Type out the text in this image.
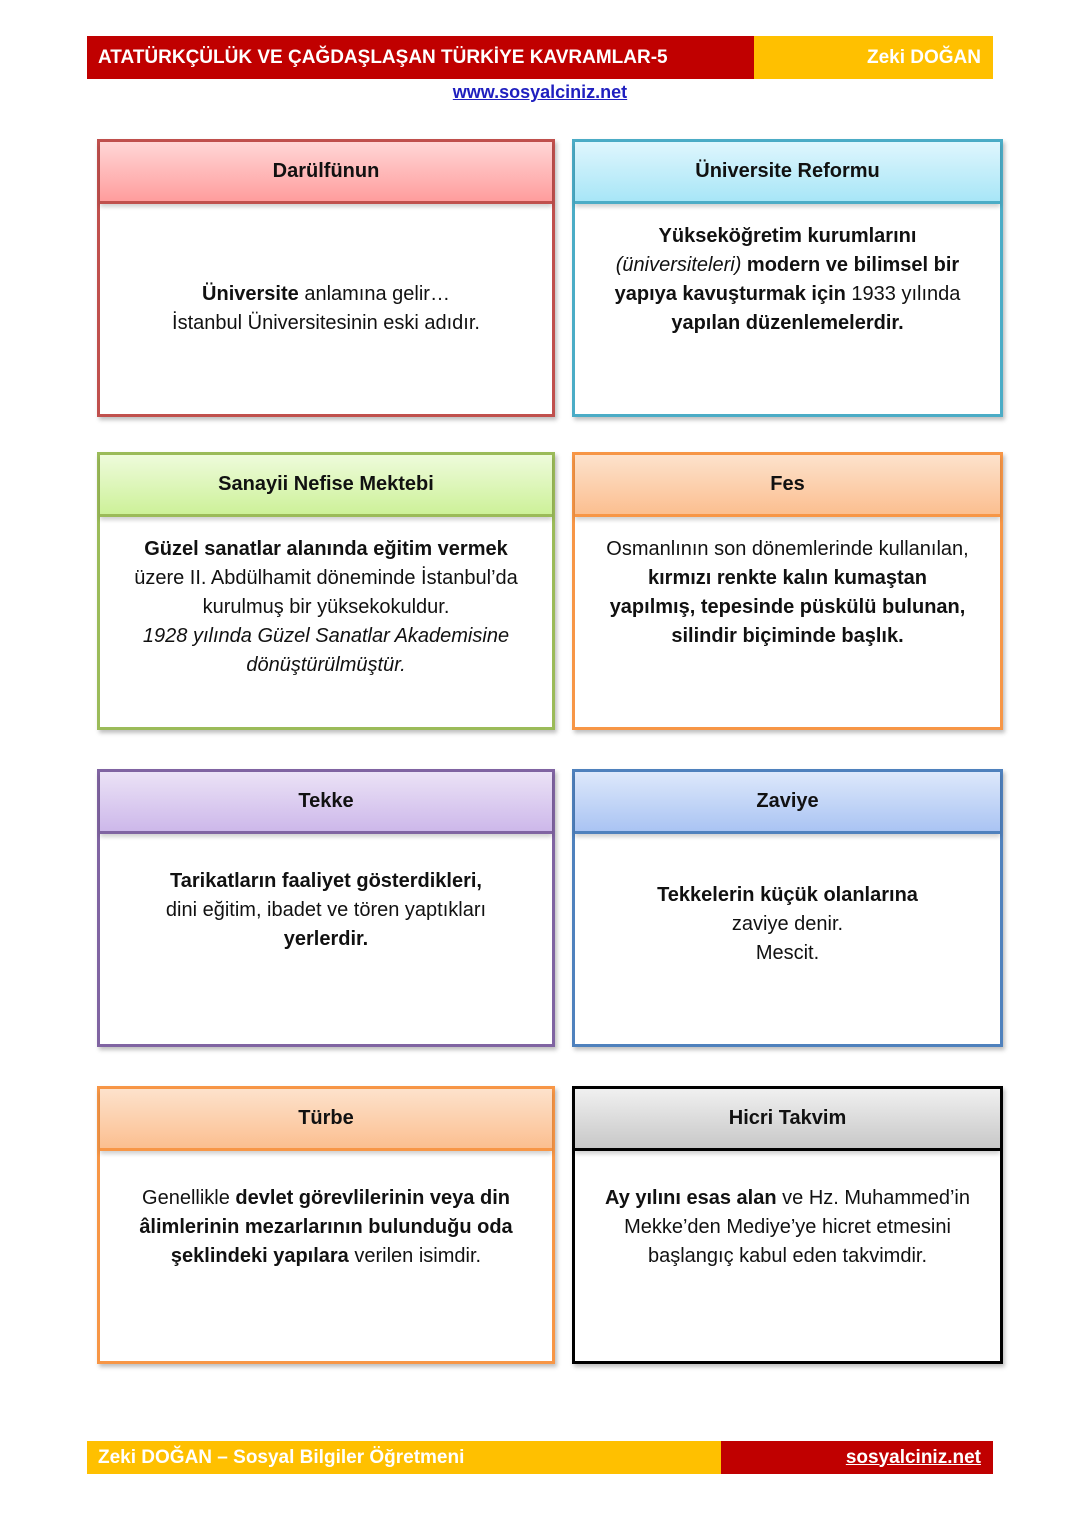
ATATÜRKÇÜLÜK VE ÇAĞDAŞLAŞAN TÜRKİYE KAVRAMLAR-5	Zeki DOĞAN
www.sosyalciniz.net
Darülfünun

Üniversite anlamına gelir…

İstanbul Üniversitesinin eski adıdır.

Üniversite Reformu

Yükseköğretim kurumlarını

(üniversiteleri) modern ve bilimsel bir

yapıya kavuşturmak için 1933 yılında

yapılan düzenlemelerdir.

Sanayii Nefise Mektebi

Güzel sanatlar alanında eğitim vermek

üzere II. Abdülhamit döneminde İstanbul’da

kurulmuş bir yüksekokuldur.

1928 yılında Güzel Sanatlar Akademisine

dönüştürülmüştür.

Fes

Osmanlının son dönemlerinde kullanılan,

kırmızı renkte kalın kumaştan

yapılmış, tepesinde püskülü bulunan,

silindir biçiminde başlık.

Tekke

Tarikatların faaliyet gösterdikleri,

dini eğitim, ibadet ve tören yaptıkları

yerlerdir.

Zaviye

Tekkelerin küçük olanlarına

zaviye denir.

Mescit.

Türbe

Genellikle devlet görevlilerinin veya din

âlimlerinin mezarlarının bulunduğu oda

şeklindeki yapılara verilen isimdir.

Hicri Takvim

Ay yılını esas alan ve Hz. Muhammed’in

Mekke’den Mediye’ye hicret etmesini

başlangıç kabul eden takvimdir.

Zeki DOĞAN – Sosyal Bilgiler Öğretmeni	sosyalciniz.net
